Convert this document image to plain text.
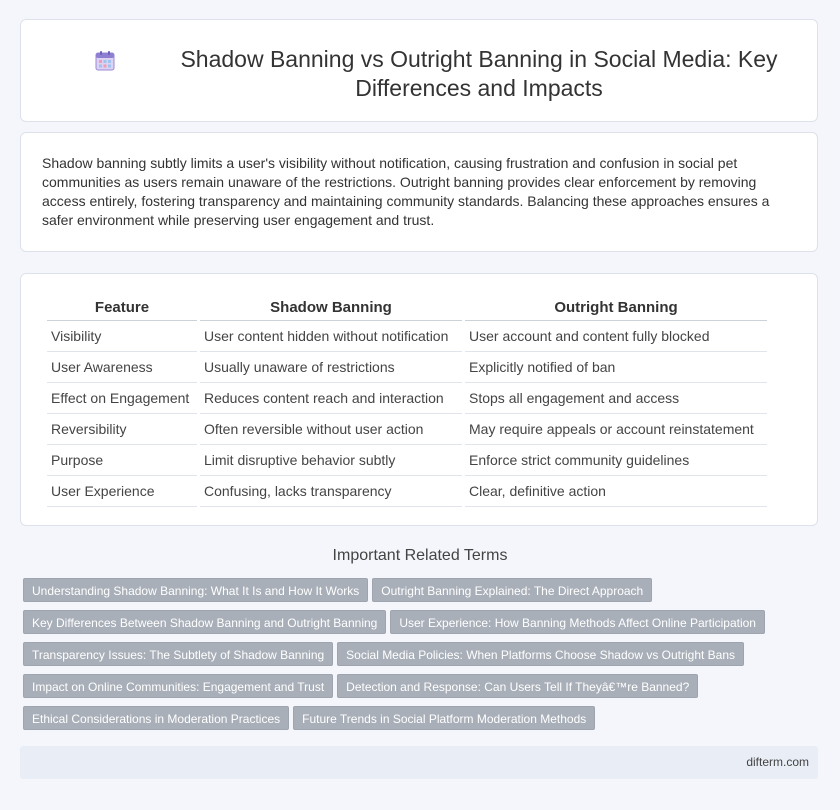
Shadow Banning vs Outright Banning in Social Media: Key Differences and Impacts

Shadow banning subtly limits a user's visibility without notification, causing frustration and confusion in social pet communities as users remain unaware of the restrictions. Outright banning provides clear enforcement by removing access entirely, fostering transparency and maintaining community standards. Balancing these approaches ensures a safer environment while preserving user engagement and trust.

Feature	Shadow Banning	Outright Banning
Visibility	User content hidden without notification	User account and content fully blocked
User Awareness	Usually unaware of restrictions	Explicitly notified of ban
Effect on Engagement	Reduces content reach and interaction	Stops all engagement and access
Reversibility	Often reversible without user action	May require appeals or account reinstatement
Purpose	Limit disruptive behavior subtly	Enforce strict community guidelines
User Experience	Confusing, lacks transparency	Clear, definitive action
Important Related Terms
Understanding Shadow Banning: What It Is and How It Works Outright Banning Explained: The Direct Approach
Key Differences Between Shadow Banning and Outright Banning User Experience: How Banning Methods Affect Online Participation
Transparency Issues: The Subtlety of Shadow Banning Social Media Policies: When Platforms Choose Shadow vs Outright Bans
Impact on Online Communities: Engagement and Trust Detection and Response: Can Users Tell If Theyâ€™re Banned?
Ethical Considerations in Moderation Practices Future Trends in Social Platform Moderation Methods
difterm.com
